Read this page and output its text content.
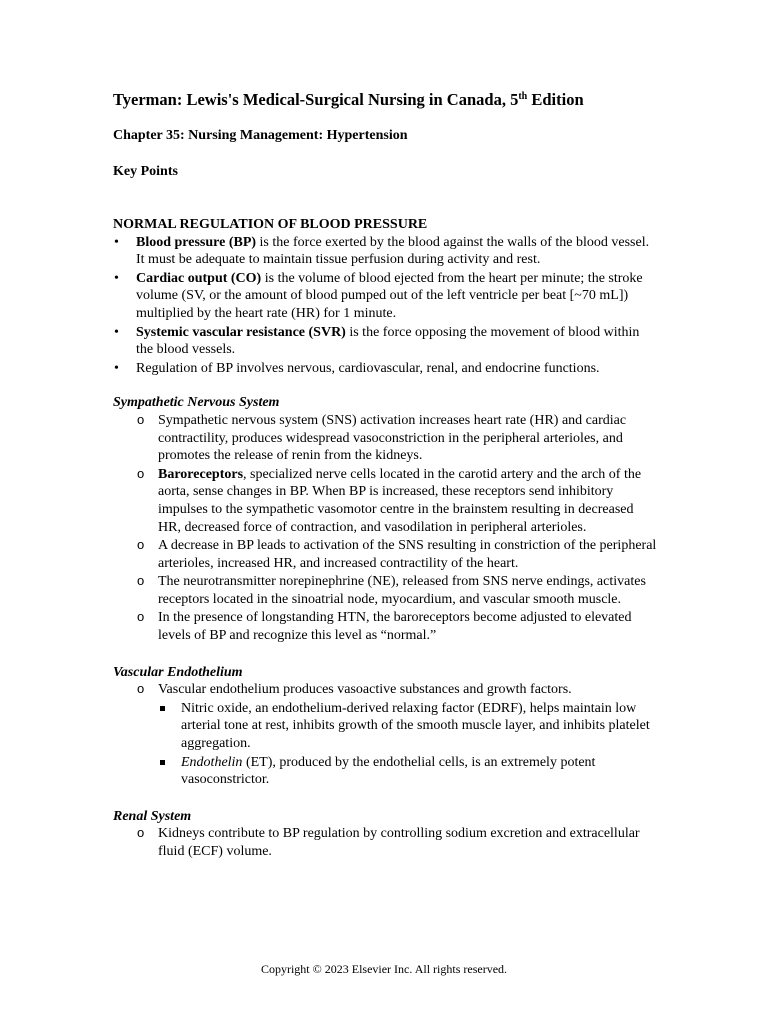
Tyerman: Lewis's Medical-Surgical Nursing in Canada, 5th Edition
Chapter 35: Nursing Management: Hypertension
Key Points

NORMAL REGULATION OF BLOOD PRESSURE

• Blood pressure (BP) is the force exerted by the blood against the walls of the blood vessel. It must be adequate to maintain tissue perfusion during activity and rest.
• Cardiac output (CO) is the volume of blood ejected from the heart per minute; the stroke volume (SV, or the amount of blood pumped out of the left ventricle per beat [~70 mL]) multiplied by the heart rate (HR) for 1 minute.
• Systemic vascular resistance (SVR) is the force opposing the movement of blood within the blood vessels.
• Regulation of BP involves nervous, cardiovascular, renal, and endocrine functions.

Sympathetic Nervous System

o Sympathetic nervous system (SNS) activation increases heart rate (HR) and cardiac contractility, produces widespread vasoconstriction in the peripheral arterioles, and promotes the release of renin from the kidneys.
o Baroreceptors, specialized nerve cells located in the carotid artery and the arch of the aorta, sense changes in BP. When BP is increased, these receptors send inhibitory impulses to the sympathetic vasomotor centre in the brainstem resulting in decreased HR, decreased force of contraction, and vasodilation in peripheral arterioles.
o A decrease in BP leads to activation of the SNS resulting in constriction of the peripheral arterioles, increased HR, and increased contractility of the heart.
o The neurotransmitter norepinephrine (NE), released from SNS nerve endings, activates receptors located in the sinoatrial node, myocardium, and vascular smooth muscle.
o In the presence of longstanding HTN, the baroreceptors become adjusted to elevated levels of BP and recognize this level as “normal.”

Vascular Endothelium

o Vascular endothelium produces vasoactive substances and growth factors.
Nitric oxide, an endothelium-derived relaxing factor (EDRF), helps maintain low arterial tone at rest, inhibits growth of the smooth muscle layer, and inhibits platelet aggregation.
Endothelin (ET), produced by the endothelial cells, is an extremely potent vasoconstrictor.

Renal System

o Kidneys contribute to BP regulation by controlling sodium excretion and extracellular fluid (ECF) volume.
Copyright © 2023 Elsevier Inc. All rights reserved.
